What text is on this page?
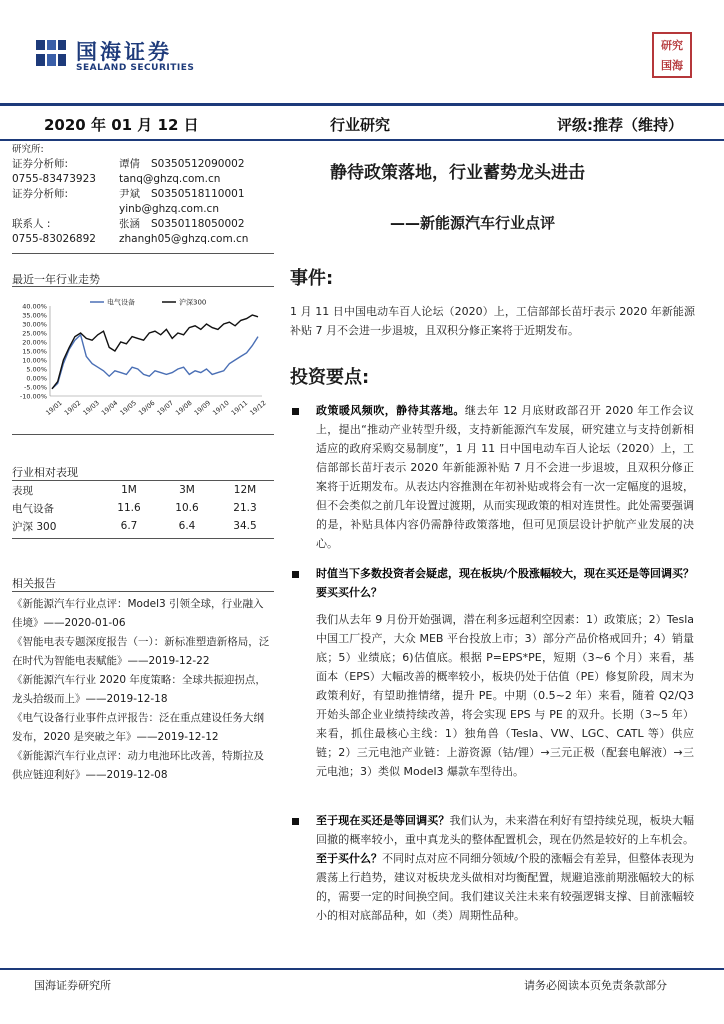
国海证券
SEALAND SECURITIES
研究
国海
2020 年 01 月 12 日	行业研究	评级:推荐（维持）
研究所:
证券分析师:	谭倩 S0350512090002
0755-83473923 tanq@ghzq.com.cn
证券分析师:	尹斌 S0350518110001
yinb@ghzq.com.cn
联系人 :	张涵 S0350118050002
0755-83026892 zhangh05@ghzq.com.cn
静待政策落地，行业蓄势龙头进击
——新能源汽车行业点评
最近一年行业走势
40.00%
35.00%
30.00%
25.00%
20.00%
15.00%
10.00%
5.00%
0.00%
-5.00%
-10.00%
19/01 19/02 19/03 19/04 19/05 19/06 19/07 19/08 19/09 19/10 19/11 19/12
电气设备	沪深300
行业相对表现
表现	1M	3M	12M
电气设备	11.6	10.6	21.3
沪深 300	6.7	6.4	34.5
相关报告

《新能源汽车行业点评：Model3 引领全球，行业融入佳境》——2020-01-06

《智能电表专题深度报告（一）：新标准塑造新格局，泛在时代为智能电表赋能》——2019-12-22

《新能源汽车行业 2020 年度策略：全球共振迎拐点，龙头拾级而上》——2019-12-18

《电气设备行业事件点评报告：泛在重点建设任务大纲发布，2020 是突破之年》——2019-12-12

《新能源汽车行业点评：动力电池环比改善，特斯拉及供应链迎利好》——2019-12-08

事件:
1 月 11 日中国电动车百人论坛（2020）上，工信部部长苗圩表示 2020 年新能源补贴 7 月不会进一步退坡，且双积分修正案将于近期发布。
投资要点:
政策暖风频吹，静待其落地。继去年 12 月底财政部召开 2020 年工作会议上，提出“推动产业转型升级，支持新能源汽车发展，研究建立与支持创新相适应的政府采购交易制度”，1 月 11 日中国电动车百人论坛（2020）上，工信部部长苗圩表示 2020 年新能源补贴 7 月不会进一步退坡，且双积分修正案将于近期发布。从表达内容推测在年初补贴或将会有一次一定幅度的退坡，但不会类似之前几年设置过渡期，从而实现政策的相对连贯性。此处需要强调的是，补贴具体内容仍需静待政策落地，但可见顶层设计护航产业发展的决心。
时值当下多数投资者会疑虑，现在板块/个股涨幅较大，现在买还是等回调买？要买买什么？
我们从去年 9 月份开始强调，潜在利多远超利空因素：1）政策底；2）Tesla 中国工厂投产，大众 MEB 平台投放上市；3）部分产品价格戒回升；4）销量底；5）业绩底；6)估值底。根据 P=EPS*PE，短期（3~6 个月）来看，基面本（EPS）大幅改善的概率较小，板块仍处于估值（PE）修复阶段，周末为政策利好，有望助推情绪，提升 PE。中期（0.5~2 年）来看，随着 Q2/Q3 开始头部企业业绩持续改善，将会实现 EPS 与 PE 的双升。长期（3~5 年）来看，抓住最核心主线：1）独角兽（Tesla、VW、LGC、CATL 等）供应链；2）三元电池产业链：上游资源（钴/锂）→三元正极（配套电解液）→三元电池；3）类似 Model3 爆款车型待出。
至于现在买还是等回调买？我们认为，未来潜在利好有望持续兑现，板块大幅回撤的概率较小，重中真龙头的整体配置机会，现在仍然是较好的上车机会。至于买什么？不同时点对应不同细分领域/个股的涨幅会有差异，但整体表现为震荡上行趋势，建议对板块龙头做相对均衡配置，规避追涨前期涨幅较大的标的，需要一定的时间换空间。我们建议关注未来有较强逻辑支撑、目前涨幅较小的相对底部品种，如（类）周期性品种。
国海证券研究所	请务必阅读本页免责条款部分
